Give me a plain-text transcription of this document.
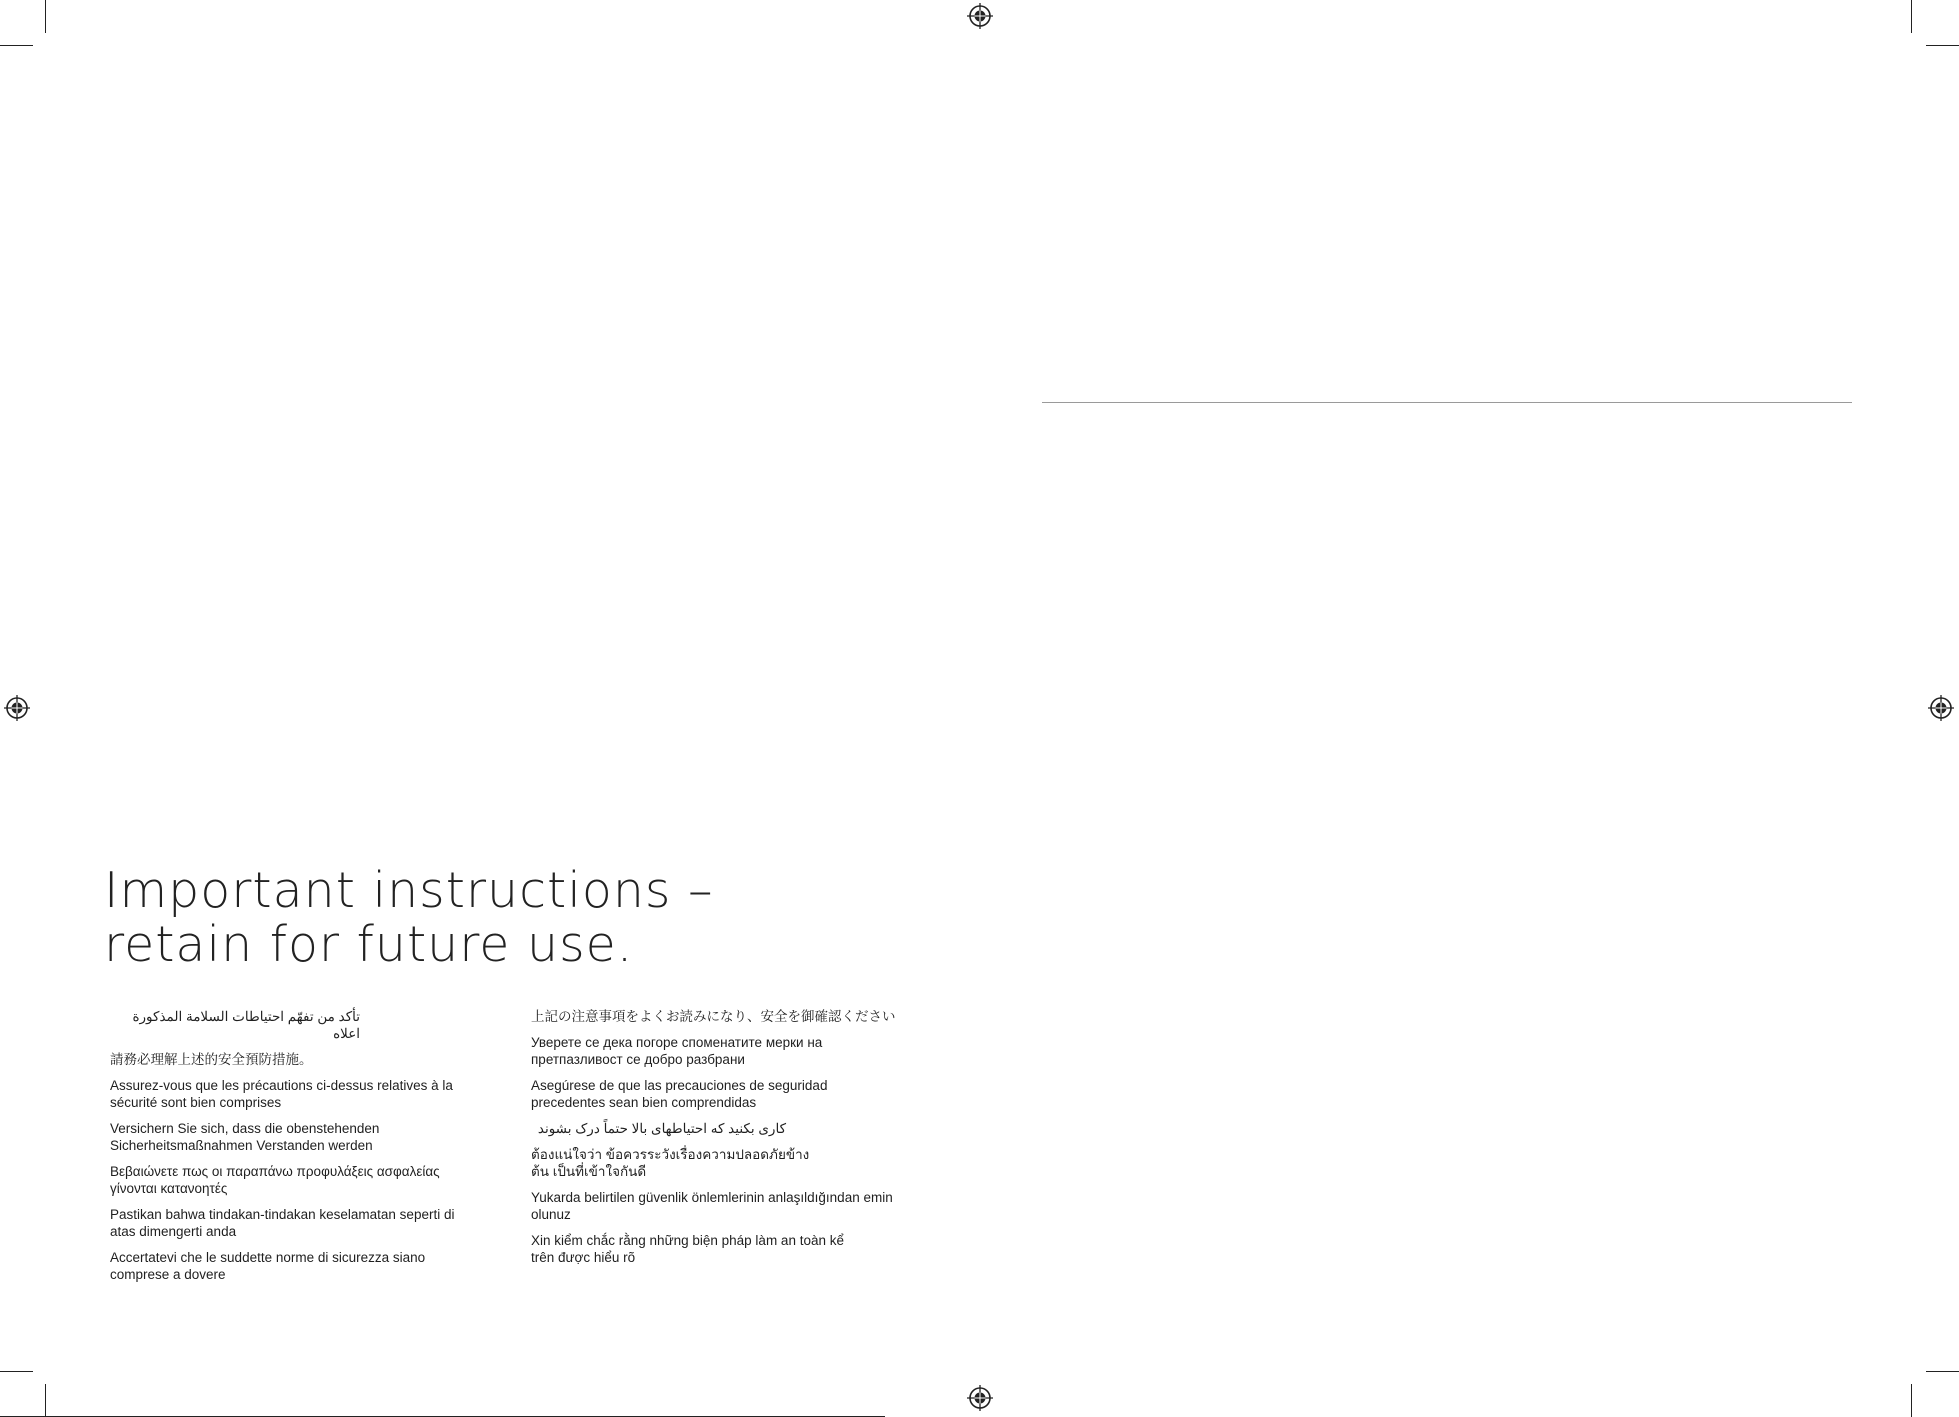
Important instructions –
retain for future use.

تأكد من تفهّم احتياطات السلامة المذكورة اعلاه

請務必理解上述的安全預防措施。

Assurez-vous que les précautions ci-dessus relatives à la sécurité sont bien comprises

Versichern Sie sich, dass die obenstehenden Sicherheitsmaßnahmen Verstanden werden

Βεβαιώνετε πως οι παραπάνω προφυλάξεις ασφαλείας γίνονται κατανοητές

Pastikan bahwa tindakan-tindakan keselamatan seperti di atas dimengerti anda

Accertatevi che le suddette norme di sicurezza siano comprese a dovere

上記の注意事項をよくお読みになり、安全を御確認ください

Уверете се дека погоре споменатите мерки на претпазливост се добро разбрани

Asegúrese de que las precauciones de seguridad precedentes sean bien comprendidas

کاری بکنید که احتیاطهای بالا حتماً درک بشوند

ต้องแน่ใจว่า ข้อควรระวังเรื่องความปลอดภัยข้างต้น เป็นที่เข้าใจกันดี

Yukarda belirtilen güvenlik önlemlerinin anlaşıldığından emin olunuz

Xin kiểm chắc rằng những biện pháp làm an toàn kể trên được hiểu rõ
